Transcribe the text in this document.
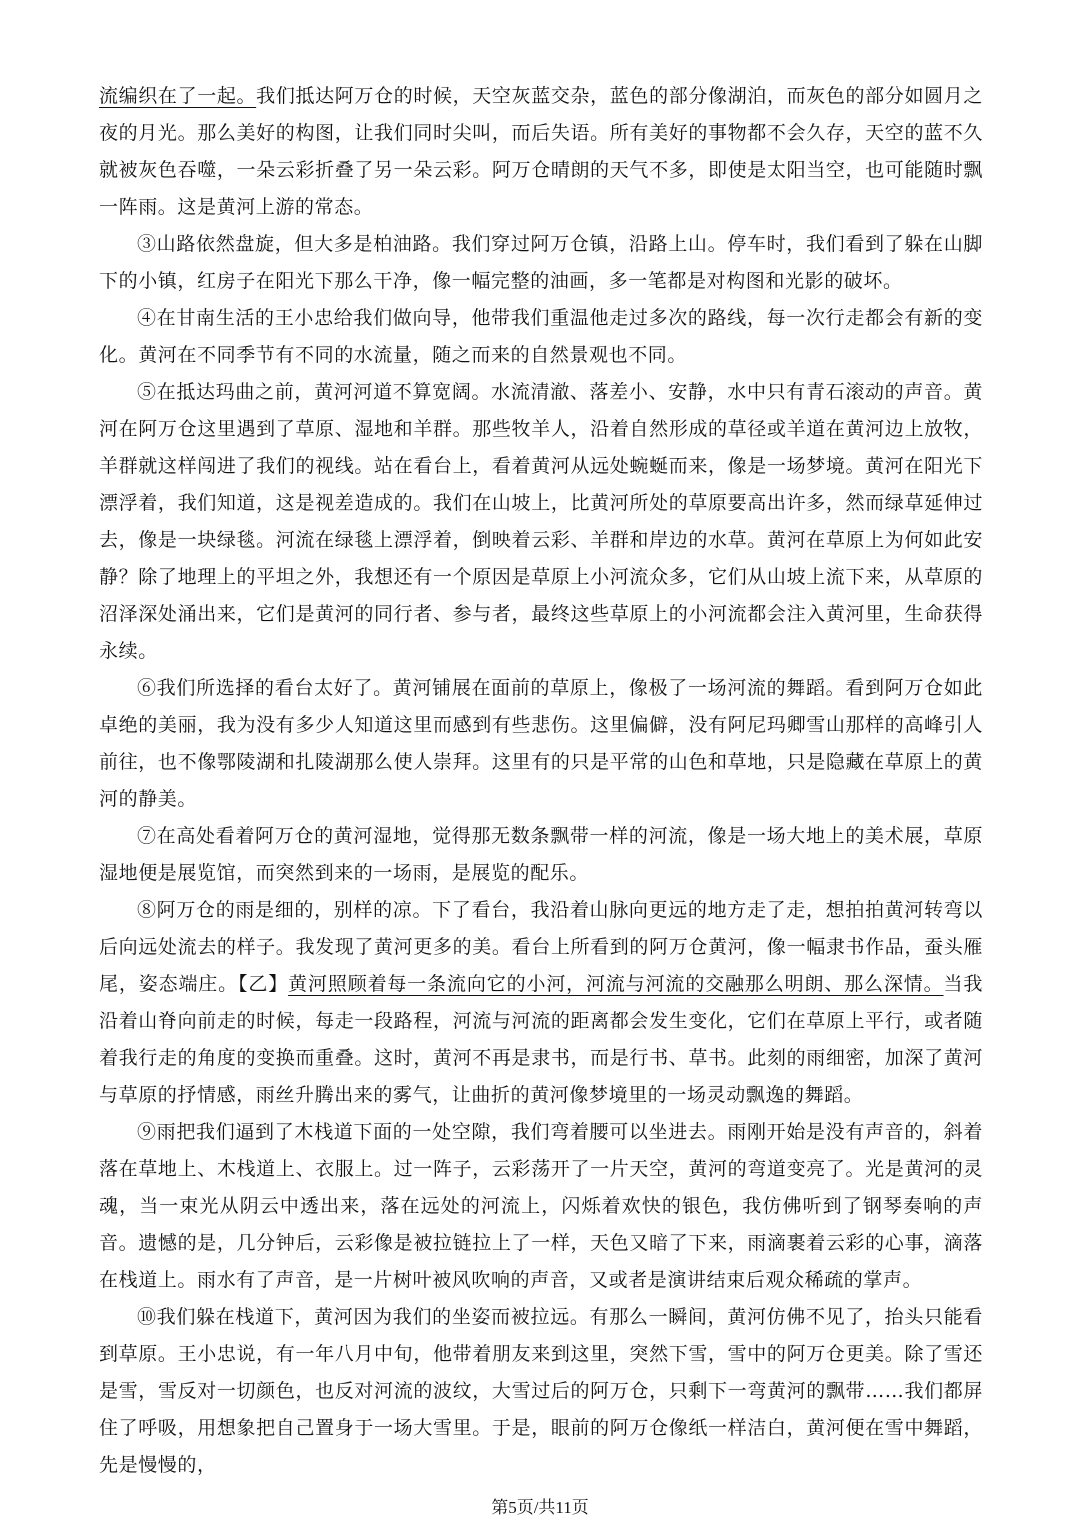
流编织在了一起。我们抵达阿万仓的时候，天空灰蓝交杂，蓝色的部分像湖泊，而灰色的部分如圆月之夜的月光。那么美好的构图，让我们同时尖叫，而后失语。所有美好的事物都不会久存，天空的蓝不久就被灰色吞噬，一朵云彩折叠了另一朵云彩。阿万仓晴朗的天气不多，即使是太阳当空，也可能随时飘一阵雨。这是黄河上游的常态。

③山路依然盘旋，但大多是柏油路。我们穿过阿万仓镇，沿路上山。停车时，我们看到了躲在山脚下的小镇，红房子在阳光下那么干净，像一幅完整的油画，多一笔都是对构图和光影的破坏。

④在甘南生活的王小忠给我们做向导，他带我们重温他走过多次的路线，每一次行走都会有新的变化。黄河在不同季节有不同的水流量，随之而来的自然景观也不同。

⑤在抵达玛曲之前，黄河河道不算宽阔。水流清澈、落差小、安静，水中只有青石滚动的声音。黄河在阿万仓这里遇到了草原、湿地和羊群。那些牧羊人，沿着自然形成的草径或羊道在黄河边上放牧，羊群就这样闯进了我们的视线。站在看台上，看着黄河从远处蜿蜒而来，像是一场梦境。黄河在阳光下漂浮着，我们知道，这是视差造成的。我们在山坡上，比黄河所处的草原要高出许多，然而绿草延伸过去，像是一块绿毯。河流在绿毯上漂浮着，倒映着云彩、羊群和岸边的水草。黄河在草原上为何如此安静？除了地理上的平坦之外，我想还有一个原因是草原上小河流众多，它们从山坡上流下来，从草原的沼泽深处涌出来，它们是黄河的同行者、参与者，最终这些草原上的小河流都会注入黄河里，生命获得永续。

⑥我们所选择的看台太好了。黄河铺展在面前的草原上，像极了一场河流的舞蹈。看到阿万仓如此卓绝的美丽，我为没有多少人知道这里而感到有些悲伤。这里偏僻，没有阿尼玛卿雪山那样的高峰引人前往，也不像鄂陵湖和扎陵湖那么使人崇拜。这里有的只是平常的山色和草地，只是隐藏在草原上的黄河的静美。

⑦在高处看着阿万仓的黄河湿地，觉得那无数条飘带一样的河流，像是一场大地上的美术展，草原湿地便是展览馆，而突然到来的一场雨，是展览的配乐。

⑧阿万仓的雨是细的，别样的凉。下了看台，我沿着山脉向更远的地方走了走，想拍拍黄河转弯以后向远处流去的样子。我发现了黄河更多的美。看台上所看到的阿万仓黄河，像一幅隶书作品，蚕头雁尾，姿态端庄。【乙】黄河照顾着每一条流向它的小河，河流与河流的交融那么明朗、那么深情。当我沿着山脊向前走的时候，每走一段路程，河流与河流的距离都会发生变化，它们在草原上平行，或者随着我行走的角度的变换而重叠。这时，黄河不再是隶书，而是行书、草书。此刻的雨细密，加深了黄河与草原的抒情感，雨丝升腾出来的雾气，让曲折的黄河像梦境里的一场灵动飘逸的舞蹈。

⑨雨把我们逼到了木栈道下面的一处空隙，我们弯着腰可以坐进去。雨刚开始是没有声音的，斜着落在草地上、木栈道上、衣服上。过一阵子，云彩荡开了一片天空，黄河的弯道变亮了。光是黄河的灵魂，当一束光从阴云中透出来，落在远处的河流上，闪烁着欢快的银色，我仿佛听到了钢琴奏响的声音。遗憾的是，几分钟后，云彩像是被拉链拉上了一样，天色又暗了下来，雨滴裹着云彩的心事，滴落在栈道上。雨水有了声音，是一片树叶被风吹响的声音，又或者是演讲结束后观众稀疏的掌声。

⑩我们躲在栈道下，黄河因为我们的坐姿而被拉远。有那么一瞬间，黄河仿佛不见了，抬头只能看到草原。王小忠说，有一年八月中旬，他带着朋友来到这里，突然下雪，雪中的阿万仓更美。除了雪还是雪，雪反对一切颜色，也反对河流的波纹，大雪过后的阿万仓，只剩下一弯黄河的飘带……我们都屏住了呼吸，用想象把自己置身于一场大雪里。于是，眼前的阿万仓像纸一样洁白，黄河便在雪中舞蹈，先是慢慢的，

第5页/共11页
